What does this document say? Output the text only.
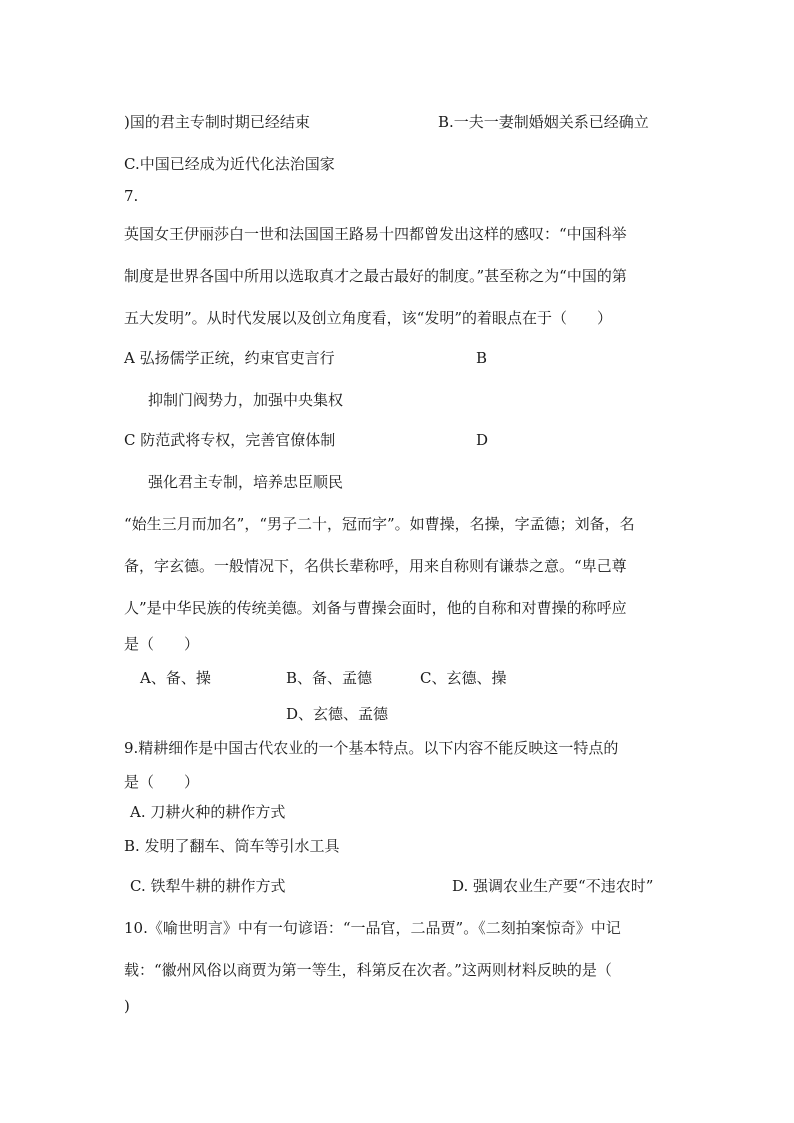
)国的君主专制时期已经结束	B.一夫一妻制婚姻关系已经确立
C.中国已经成为近代化法治国家
7.
英国女王伊丽莎白一世和法国国王路易十四都曾发出这样的感叹：“中国科举
制度是世界各国中所用以选取真才之最古最好的制度。”甚至称之为“中国的第
五大发明”。从时代发展以及创立角度看，该“发明”的着眼点在于（　　）
A 弘扬儒学正统，约束官吏言行	B
抑制门阀势力，加强中央集权
C 防范武将专权，完善官僚体制	D
强化君主专制，培养忠臣顺民
“始生三月而加名”，“男子二十，冠而字”。如曹操，名操，字孟德；刘备，名
备，字玄德。一般情况下，名供长辈称呼，用来自称则有谦恭之意。“卑己尊
人”是中华民族的传统美德。刘备与曹操会面时，他的自称和对曹操的称呼应
是（　　）
A、备、操	B、备、孟德	C、玄德、操
D、玄德、孟德
9.精耕细作是中国古代农业的一个基本特点。以下内容不能反映这一特点的
是（　　）
A. 刀耕火种的耕作方式
B. 发明了翻车、筒车等引水工具
C. 铁犁牛耕的耕作方式	D. 强调农业生产要“不违农时”
10.《喻世明言》中有一句谚语：“一品官，二品贾”。《二刻拍案惊奇》中记
载：“徽州风俗以商贾为第一等生，科第反在次者。”这两则材料反映的是（
)
